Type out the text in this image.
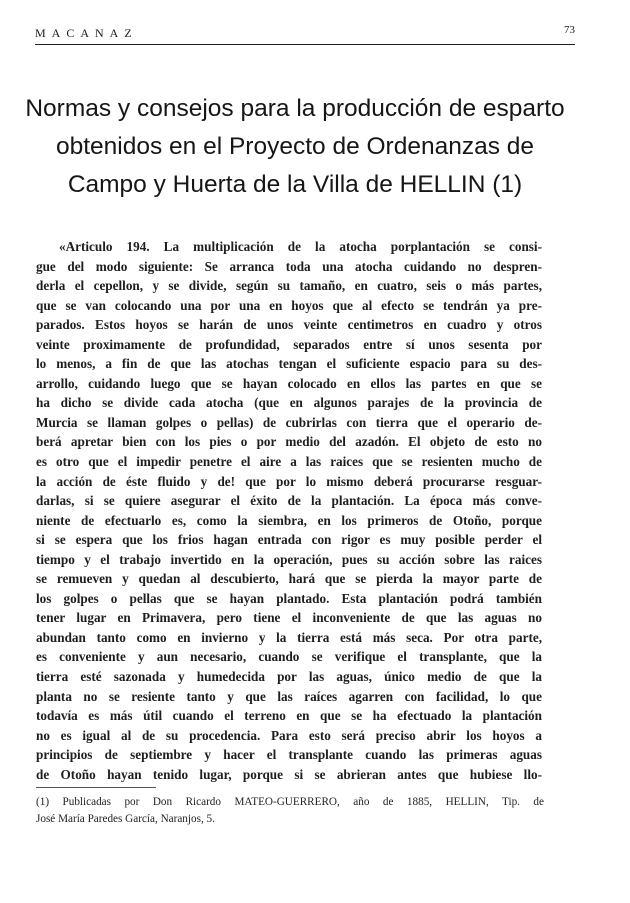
MACANAZ	73
Normas y consejos para la producción de esparto
obtenidos en el Proyecto de Ordenanzas de
Campo y Huerta de la Villa de HELLIN (1)
«Articulo 194. La multiplicación de la atocha porplantación se consi-
gue del modo siguiente: Se arranca toda una atocha cuidando no despren-
derla el cepellon, y se divide, según su tamaño, en cuatro, seis o más partes,
que se van colocando una por una en hoyos que al efecto se tendrán ya pre-
parados. Estos hoyos se harán de unos veinte centimetros en cuadro y otros
veinte proximamente de profundidad, separados entre sí unos sesenta por
lo menos, a fin de que las atochas tengan el suficiente espacio para su des-
arrollo, cuidando luego que se hayan colocado en ellos las partes en que se
ha dicho se divide cada atocha (que en algunos parajes de la provincia de
Murcia se llaman golpes o pellas) de cubrirlas con tierra que el operario de-
berá apretar bien con los pies o por medio del azadón. El objeto de esto no
es otro que el impedir penetre el aire a las raices que se resienten mucho de
la acción de éste fluido y de! que por lo mismo deberá procurarse resguar-
darlas, si se quiere asegurar el éxito de la plantación. La época más conve-
niente de efectuarlo es, como la siembra, en los primeros de Otoño, porque
si se espera que los frios hagan entrada con rigor es muy posible perder el
tiempo y el trabajo invertido en la operación, pues su acción sobre las raices
se remueven y quedan al descubierto, hará que se pierda la mayor parte de
los golpes o pellas que se hayan plantado. Esta plantación podrá también
tener lugar en Primavera, pero tiene el inconveniente de que las aguas no
abundan tanto como en invierno y la tierra está más seca. Por otra parte,
es conveniente y aun necesario, cuando se verifique el transplante, que la
tierra esté sazonada y humedecida por las aguas, único medio de que la
planta no se resiente tanto y que las raíces agarren con facilidad, lo que
todavía es más útil cuando el terreno en que se ha efectuado la plantación
no es igual al de su procedencia. Para esto será preciso abrir los hoyos a
principios de septiembre y hacer el transplante cuando las primeras aguas
de Otoño hayan tenido lugar, porque si se abrieran antes que hubiese llo-
(1) Publicadas por Don Ricardo MATEO-GUERRERO, año de 1885, HELLIN, Tip. de
José María Paredes García, Naranjos, 5.
